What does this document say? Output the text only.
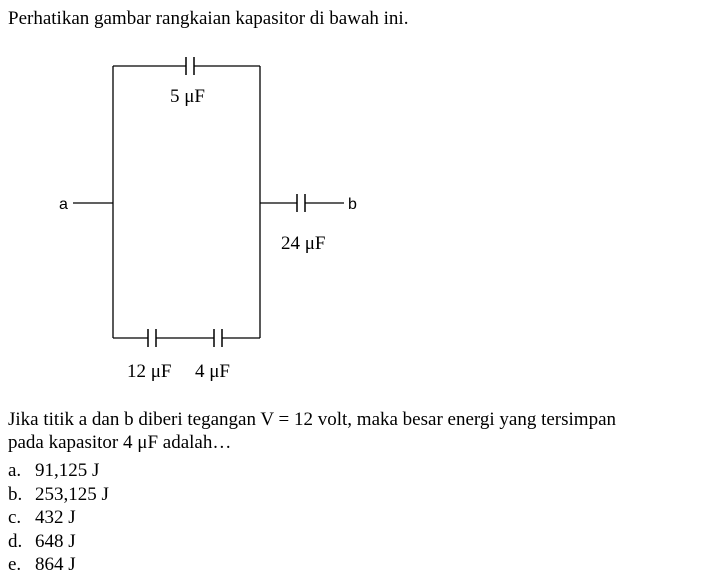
Perhatikan gambar rangkaian kapasitor di bawah ini.
5 μF
12 μF 4 μF
a	b
24 μF
Jika titik a dan b diberi tegangan V = 12 volt, maka besar energi yang tersimpan
pada kapasitor 4 μF adalah…
a. 91,125 J
b. 253,125 J
c. 432 J
d. 648 J
e. 864 J
